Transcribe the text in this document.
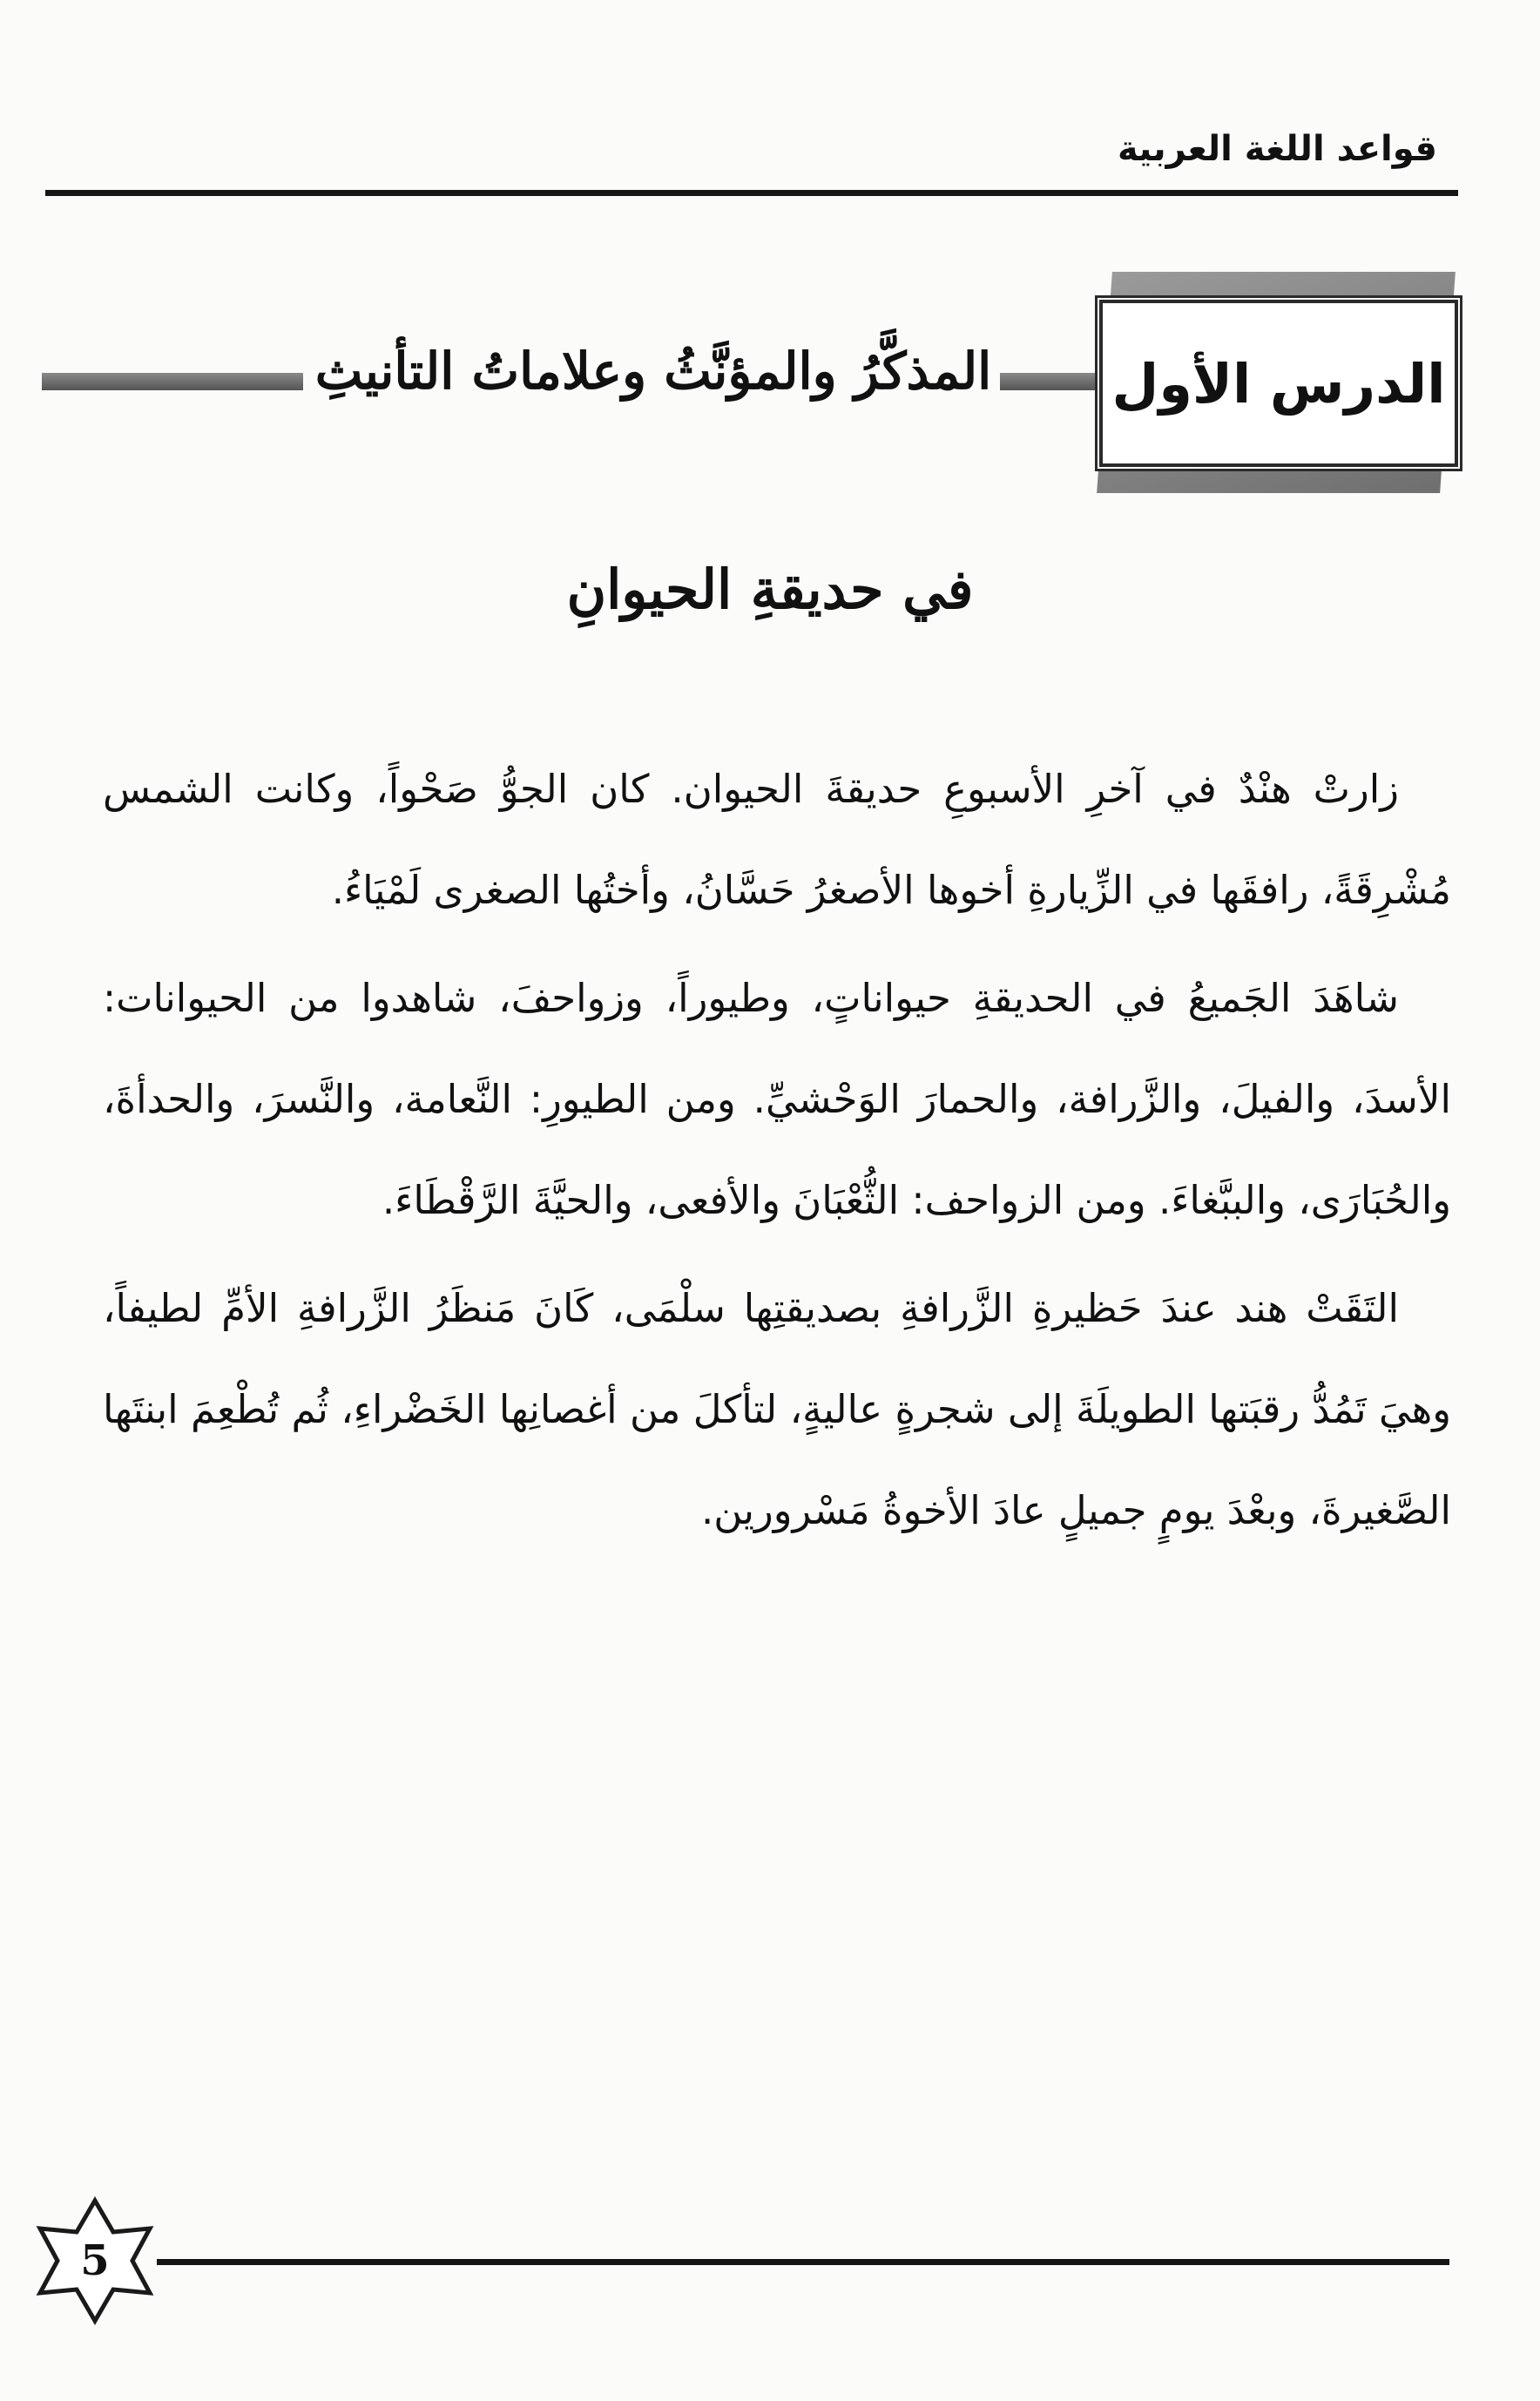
قواعد اللغة العربية
المذكَّرُ والمؤنَّثُ وعلاماتُ التأنيثِ الدرس الأول
في حديقةِ الحيوانِ

زارتْ هنْدٌ في آخرِ الأسبوعِ حديقةَ الحيوان. كان الجوُّ صَحْواً، وكانت الشمس مُشْرِقَةً، رافقَها في الزِّيارةِ أخوها الأصغرُ حَسَّانُ، وأختُها الصغرى لَمْيَاءُ.

شاهَدَ الجَميعُ في الحديقةِ حيواناتٍ، وطيوراً، وزواحفَ، شاهدوا من الحيوانات: الأسدَ، والفيلَ، والزَّرافة، والحمارَ الوَحْشيِّ. ومن الطيورِ: النَّعامة، والنَّسرَ، والحدأةَ، والحُبَارَى، والببَّغاءَ. ومن الزواحف: الثُّعْبَانَ والأفعى، والحيَّةَ الرَّقْطَاءَ.

التَقَتْ هند عندَ حَظيرةِ الزَّرافةِ بصديقتِها سلْمَى، كَانَ مَنظَرُ الزَّرافةِ الأمِّ لطيفاً، وهيَ تَمُدُّ رقبَتها الطويلَةَ إلى شجرةٍ عاليةٍ، لتأكلَ من أغصانِها الخَضْراءِ، ثُم تُطْعِمَ ابنتَها الصَّغيرةَ، وبعْدَ يومٍ جميلٍ عادَ الأخوةُ مَسْرورين.

5
